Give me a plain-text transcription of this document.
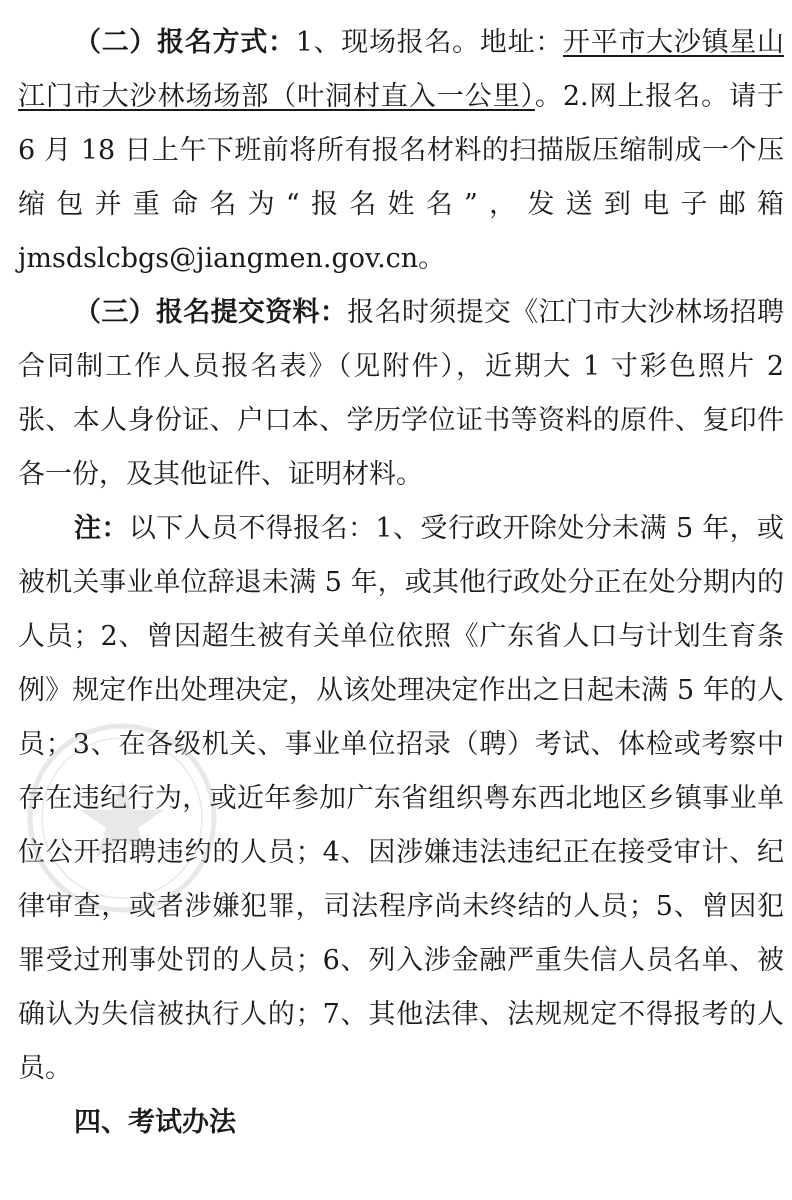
（二）报名方式：1、现场报名。地址：开平市大沙镇星山江门市大沙林场场部（叶洞村直入一公里）。2.网上报名。请于 6 月 18 日上午下班前将所有报名材料的扫描版压缩制成一个压缩包并重命名为“报名姓名”，发送到电子邮箱 jmsdslcbgs@jiangmen.gov.cn。

（三）报名提交资料：报名时须提交《江门市大沙林场招聘合同制工作人员报名表》（见附件），近期大 1 寸彩色照片 2 张、本人身份证、户口本、学历学位证书等资料的原件、复印件各一份，及其他证件、证明材料。

注：以下人员不得报名：1、受行政开除处分未满 5 年，或被机关事业单位辞退未满 5 年，或其他行政处分正在处分期内的人员；2、曾因超生被有关单位依照《广东省人口与计划生育条例》规定作出处理决定，从该处理决定作出之日起未满 5 年的人员；3、在各级机关、事业单位招录（聘）考试、体检或考察中存在违纪行为，或近年参加广东省组织粤东西北地区乡镇事业单位公开招聘违约的人员；4、因涉嫌违法违纪正在接受审计、纪律审查，或者涉嫌犯罪，司法程序尚未终结的人员；5、曾因犯罪受过刑事处罚的人员；6、列入涉金融严重失信人员名单、被确认为失信被执行人的；7、其他法律、法规规定不得报考的人员。

四、考试办法
